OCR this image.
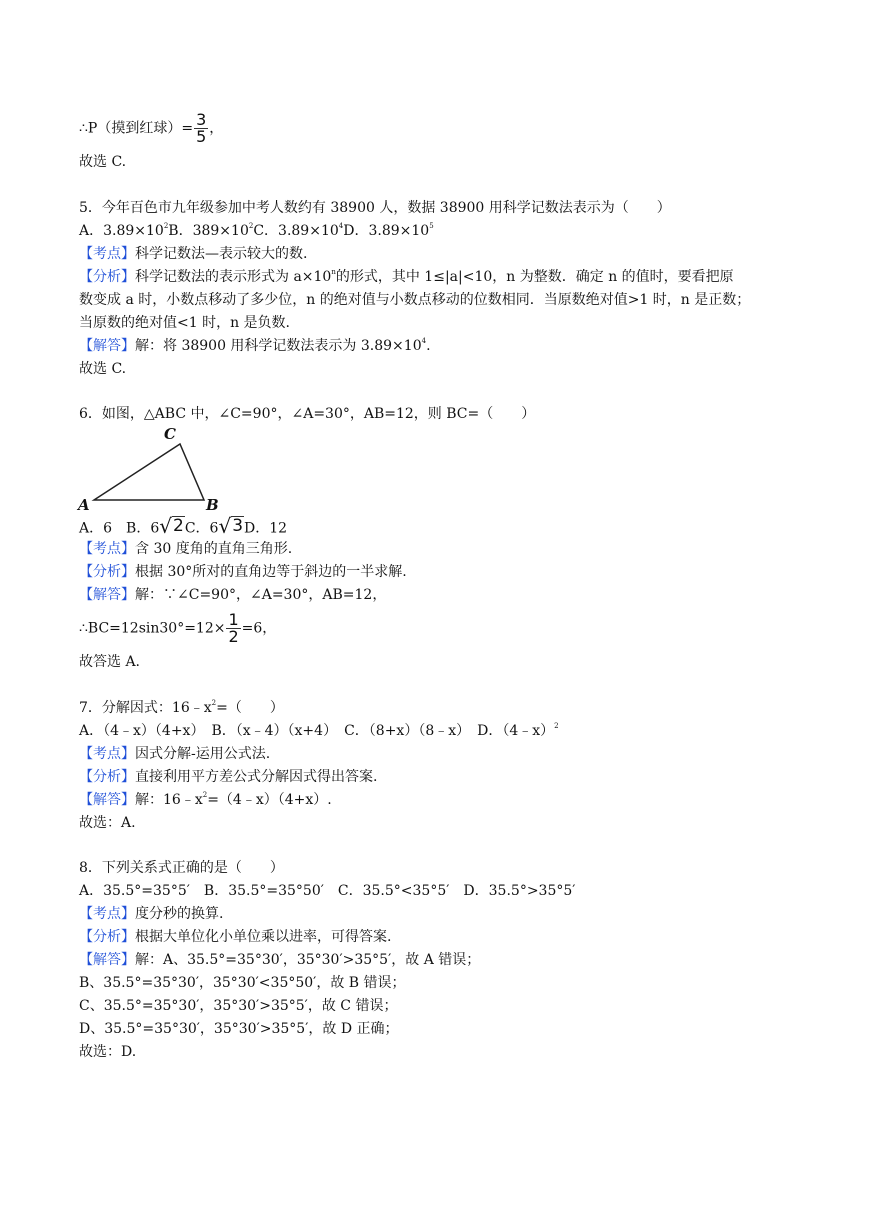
∴P（摸到红球）= $\frac{3}{5}$ ，
故选 C.
5．今年百色市九年级参加中考人数约有 38900 人，数据 38900 用科学记数法表示为（　　）
A．$3.89\times 10^2B$．$389\times 10^2C$．$3.89\times 10^4D$．$3.89\times 10^5$
【考点】科学记数法—表示较大的数.
【分析】科学记数法的表示形式为 $a\times 10^n$的形式，其中 1≤|a|<10，n 为整数．确定 n 的值时，要看把原
数变成 a 时，小数点移动了多少位，n 的绝对值与小数点移动的位数相同．当原数绝对值>1 时，n 是正数；
当原数的绝对值<1 时，n 是负数.
【解答】解：将 38900 用科学记数法表示为 $3.89\times 10^4$.
故选 C.
6．如图，△ABC 中，∠C=90°，∠A=30°，AB=12，则 BC=（　　）
C
A	B
A．6　 B．6 √ 2 C．6 √ 3 D．12
【考点】含 30 度角的直角三角形.
【分析】根据 30°所对的直角边等于斜边的一半求解.
【解答】解：∵∠C=90°，∠A=30°，AB=12，
∴BC=12sin30°=12× $\frac{1}{2} =6$，
故答选 A.
7．分解因式：$16﹣x^2=$（　　）
A．（4﹣x）（4+x）　B．（x﹣4）（x+4）　C．（8+x）（8﹣x）　D．（4﹣x）$^2$
【考点】因式分解-运用公式法.
【分析】直接利用平方差公式分解因式得出答案.
【解答】解：$16﹣x^2=(4﹣x)(4+x)$.
故选：A.
8．下列关系式正确的是（　　）
A．35.5°=35°5′　B．35.5°=35°50′　C．35.5°<35°5′　D．35.5°>35°5′
【考点】度分秒的换算.
【分析】根据大单位化小单位乘以进率，可得答案.
【解答】解：A、35.5°=35°30′，35°30′>35°5′，故 A 错误；
B、35.5°=35°30′，35°30′<35°50′，故 B 错误；
C、35.5°=35°30′，35°30′>35°5′，故 C 错误；
D、35.5°=35°30′，35°30′>35°5′，故 D 正确；
故选：D.
